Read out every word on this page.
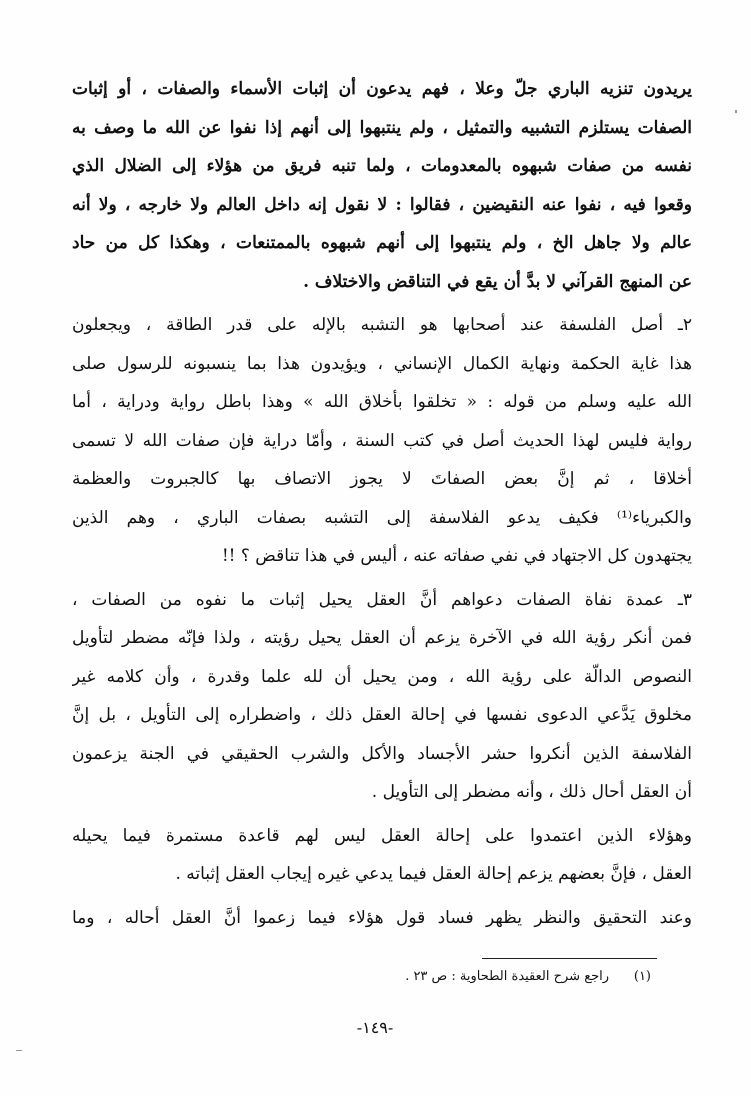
يريدون تنزيه الباري جلّ وعلا ، فهم يدعون أن إثبات الأسماء والصفات ، أو إثبات
الصفات يستلزم التشبيه والتمثيل ، ولم ينتبهوا إلى أنهم إذا نفوا عن الله ما وصف به
نفسه من صفات شبهوه بالمعدومات ، ولما تنبه فريق من هؤلاء إلى الضلال الذي
وقعوا فيه ، نفوا عنه النقيضين ، فقالوا : لا نقول إنه داخل العالم ولا خارجه ، ولا أنه
عالم ولا جاهل الخ ، ولم ينتبهوا إلى أنهم شبهوه بالممتنعات ، وهكذا كل من حاد
عن المنهج القرآني لا بدَّ أن يقع في التناقض والاختلاف .
٢ـ أصل الفلسفة عند أصحابها هو التشبه بالإله على قدر الطاقة ، ويجعلون
هذا غاية الحكمة ونهاية الكمال الإنساني ، ويؤيدون هذا بما ينسبونه للرسول صلى
الله عليه وسلم من قوله : « تخلقوا بأخلاق الله » وهذا باطل رواية ودراية ، أما
رواية فليس لهذا الحديث أصل في كتب السنة ، وأمّا دراية فإن صفات الله لا تسمى
أخلاقا ، ثم إنَّ بعض الصفاتَ لا يجوز الاتصاف بها كالجبروت والعظمة
والكبرياء⁽¹⁾ فكيف يدعو الفلاسفة إلى التشبه بصفات الباري ، وهم الذين
يجتهدون كل الاجتهاد في نفي صفاته عنه ، أليس في هذا تناقض ؟ !!
٣ـ عمدة نفاة الصفات دعواهم أنَّ العقل يحيل إثبات ما نفوه من الصفات ،
فمن أنكر رؤية الله في الآخرة يزعم أن العقل يحيل رؤيته ، ولذا فإنّه مضطر لتأويل
النصوص الدالّة على رؤية الله ، ومن يحيل أن لله علما وقدرة ، وأن كلامه غير
مخلوق يَدَّعي الدعوى نفسها في إحالة العقل ذلك ، واضطراره إلى التأويل ، بل إنَّ
الفلاسفة الذين أنكروا حشر الأجساد والأكل والشرب الحقيقي في الجنة يزعمون
أن العقل أحال ذلك ، وأنه مضطر إلى التأويل .
وهؤلاء الذين اعتمدوا على إحالة العقل ليس لهم قاعدة مستمرة فيما يحيله
العقل ، فإنَّ بعضهم يزعم إحالة العقل فيما يدعي غيره إيجاب العقل إثباته .
وعند التحقيق والنظر يظهر فساد قول هؤلاء فيما زعموا أنَّ العقل أحاله ، وما
(١)      راجع شرح العقيدة الطحاوية : ص ٢٣ .
-١٤٩-
